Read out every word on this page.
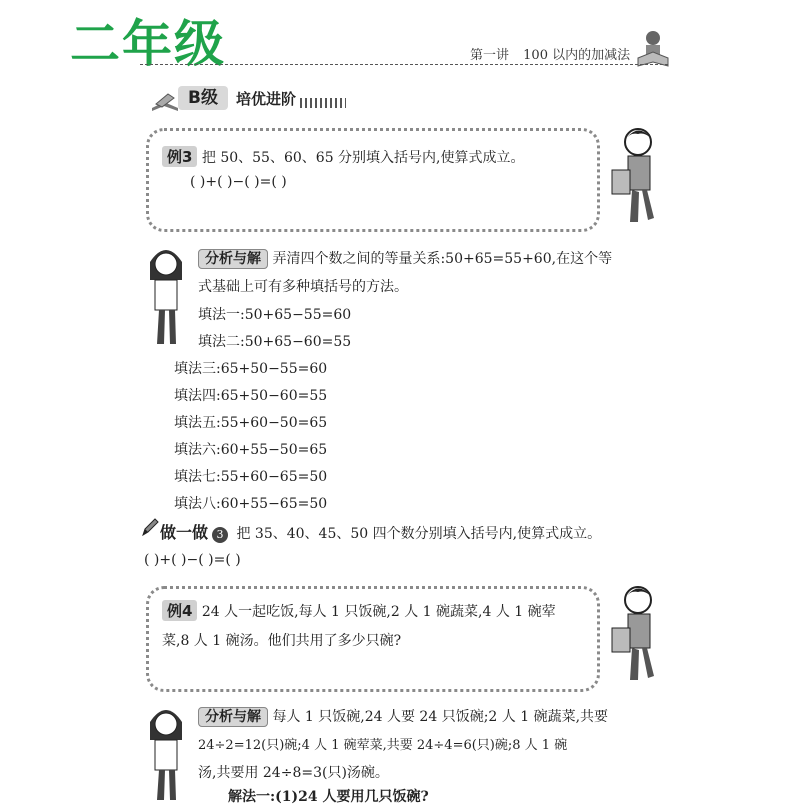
二年级	第一讲 100 以内的加减法
B级	培优进阶
例3 把 50、55、60、65 分别填入括号内,使算式成立。
( )+( )−( )=( )
分析与解 弄清四个数之间的等量关系:50+65=55+60,在这个等
式基础上可有多种填括号的方法。
填法一:50+65−55=60
填法二:50+65−60=55
填法三:65+50−55=60
填法四:65+50−60=55
填法五:55+60−50=65
填法六:60+55−50=65
填法七:55+60−65=50
填法八:60+55−65=50
做一做 3 把 35、40、45、50 四个数分别填入括号内,使算式成立。
( )+( )−( )=( )
例4 24 人一起吃饭,每人 1 只饭碗,2 人 1 碗蔬菜,4 人 1 碗荤
菜,8 人 1 碗汤。他们共用了多少只碗?
分析与解 每人 1 只饭碗,24 人要 24 只饭碗;2 人 1 碗蔬菜,共要
24÷2=12(只)碗;4 人 1 碗荤菜,共要 24÷4=6(只)碗;8 人 1 碗
汤,共要用 24÷8=3(只)汤碗。
解法一:(1)24 人要用几只饭碗?
